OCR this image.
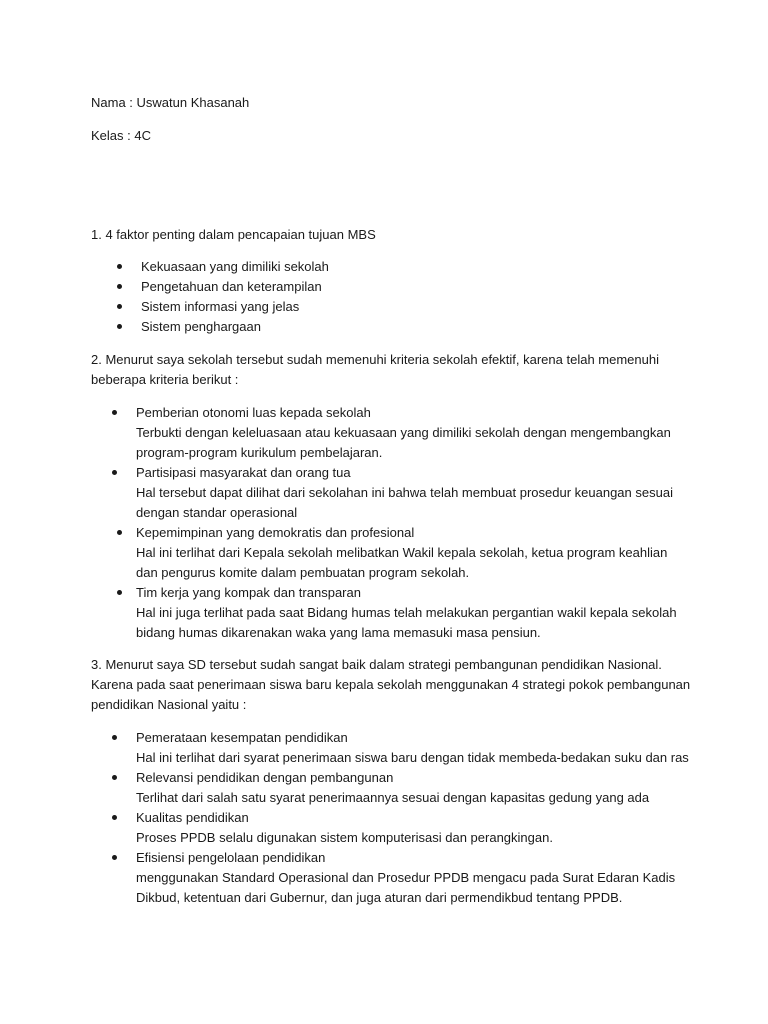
Nama : Uswatun Khasanah
Kelas : 4C
1. 4 faktor penting dalam pencapaian tujuan MBS
Kekuasaan yang dimiliki sekolah
Pengetahuan dan keterampilan
Sistem informasi yang jelas
Sistem penghargaan
2. Menurut saya sekolah tersebut sudah memenuhi kriteria sekolah efektif, karena telah memenuhi
beberapa kriteria berikut :
Pemberian otonomi luas kepada sekolah
Terbukti dengan keleluasaan atau kekuasaan yang dimiliki sekolah dengan mengembangkan
program-program kurikulum pembelajaran.
Partisipasi masyarakat dan orang tua
Hal tersebut dapat dilihat dari sekolahan ini bahwa telah membuat prosedur keuangan sesuai
dengan standar operasional
Kepemimpinan yang demokratis dan profesional
Hal ini terlihat dari Kepala sekolah melibatkan Wakil kepala sekolah, ketua program keahlian
dan pengurus komite dalam pembuatan program sekolah.
Tim kerja yang kompak dan transparan
Hal ini juga terlihat pada saat Bidang humas telah melakukan pergantian wakil kepala sekolah
bidang humas dikarenakan waka yang lama memasuki masa pensiun.
3. Menurut saya SD tersebut sudah sangat baik dalam strategi pembangunan pendidikan Nasional.
Karena pada saat penerimaan siswa baru kepala sekolah menggunakan 4 strategi pokok pembangunan
pendidikan Nasional yaitu :
Pemerataan kesempatan pendidikan
Hal ini terlihat dari syarat penerimaan siswa baru dengan tidak membeda-bedakan suku dan ras
Relevansi pendidikan dengan pembangunan
Terlihat dari salah satu syarat penerimaannya sesuai dengan kapasitas gedung yang ada
Kualitas pendidikan
Proses PPDB selalu digunakan sistem komputerisasi dan perangkingan.
Efisiensi pengelolaan pendidikan
menggunakan Standard Operasional dan Prosedur PPDB mengacu pada Surat Edaran Kadis
Dikbud, ketentuan dari Gubernur, dan juga aturan dari permendikbud tentang PPDB.
